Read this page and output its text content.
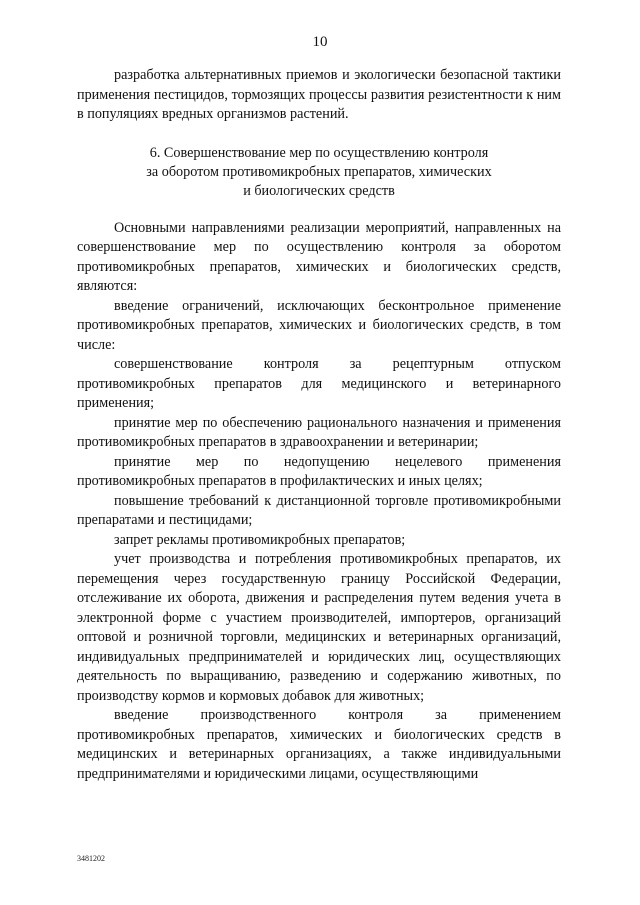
10

разработка альтернативных приемов и экологически безопасной тактики применения пестицидов, тормозящих процессы развития резистентности к ним в популяциях вредных организмов растений.

6. Совершенствование мер по осуществлению контроля
за оборотом противомикробных препаратов, химических
и биологических средств

Основными направлениями реализации мероприятий, направленных на совершенствование мер по осуществлению контроля за оборотом противомикробных препаратов, химических и биологических средств, являются:

введение ограничений, исключающих бесконтрольное применение противомикробных препаратов, химических и биологических средств, в том числе:

совершенствование контроля за рецептурным отпуском противомикробных препаратов для медицинского и ветеринарного применения;

принятие мер по обеспечению рационального назначения и применения противомикробных препаратов в здравоохранении и ветеринарии;

принятие мер по недопущению нецелевого применения противомикробных препаратов в профилактических и иных целях;

повышение требований к дистанционной торговле противомикробными препаратами и пестицидами;

запрет рекламы противомикробных препаратов;

учет производства и потребления противомикробных препаратов, их перемещения через государственную границу Российской Федерации, отслеживание их оборота, движения и распределения путем ведения учета в электронной форме с участием производителей, импортеров, организаций оптовой и розничной торговли, медицинских и ветеринарных организаций, индивидуальных предпринимателей и юридических лиц, осуществляющих деятельность по выращиванию, разведению и содержанию животных, по производству кормов и кормовых добавок для животных;

введение производственного контроля за применением противомикробных препаратов, химических и биологических средств в медицинских и ветеринарных организациях, а также индивидуальными предпринимателями и юридическими лицами, осуществляющими

3481202
